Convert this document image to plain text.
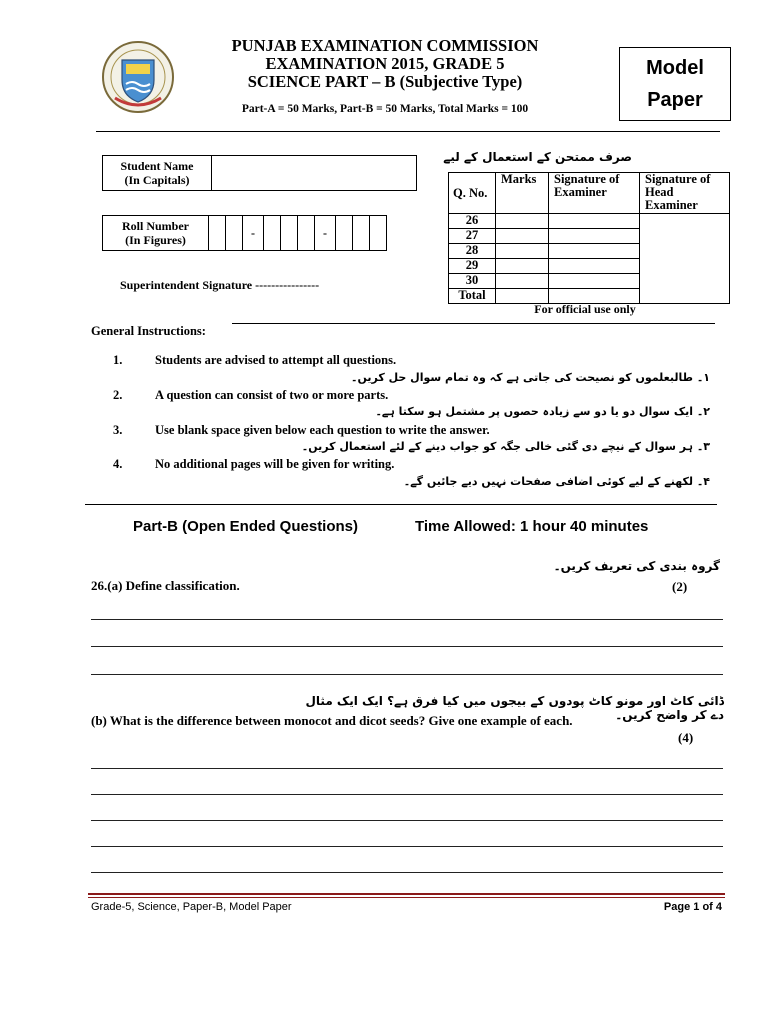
PUNJAB EXAMINATION COMMISSION
EXAMINATION 2015, GRADE 5
SCIENCE PART – B (Subjective Type)
Part-A = 50 Marks, Part-B = 50 Marks, Total Marks = 100
Model
Paper
Student Name
(In Capitals)

Roll Number
(In Figures)			-				-			
Superintendent Signature ----------------
صرف ممتحن کے استعمال کے لیے
Q. No.	Marks	Signature of Examiner	Signature of Head Examiner
26			
27			
28			
29			
30			
Total			
For official use only
General Instructions:
1.	Students are advised to attempt all questions.
۱۔ طالبعلموں کو نصیحت کی جاتی ہے کہ وہ تمام سوال حل کریں۔
2.	A question can consist of two or more parts.
۲۔ ایک سوال دو یا دو سے زیادہ حصوں پر مشتمل ہو سکتا ہے۔
3.	Use blank space given below each question to write the answer.
۳۔ ہر سوال کے نیچے دی گئی خالی جگہ کو جواب دینے کے لئے استعمال کریں۔
4.	No additional pages will be given for writing.
۴۔ لکھنے کے لیے کوئی اضافی صفحات نہیں دیے جائیں گے۔
Part-B (Open Ended Questions)	Time Allowed: 1 hour 40 minutes
گروہ بندی کی تعریف کریں۔
26.(a) Define classification.	(2)
ڈائی کاٹ اور مونو کاٹ پودوں کے بیجوں میں کیا فرق ہے؟ ایک ایک مثال دے کر واضح کریں۔
(b) What is the difference between monocot and dicot seeds? Give one example of each.
(4)
Grade-5, Science, Paper-B, Model Paper	Page 1 of 4
